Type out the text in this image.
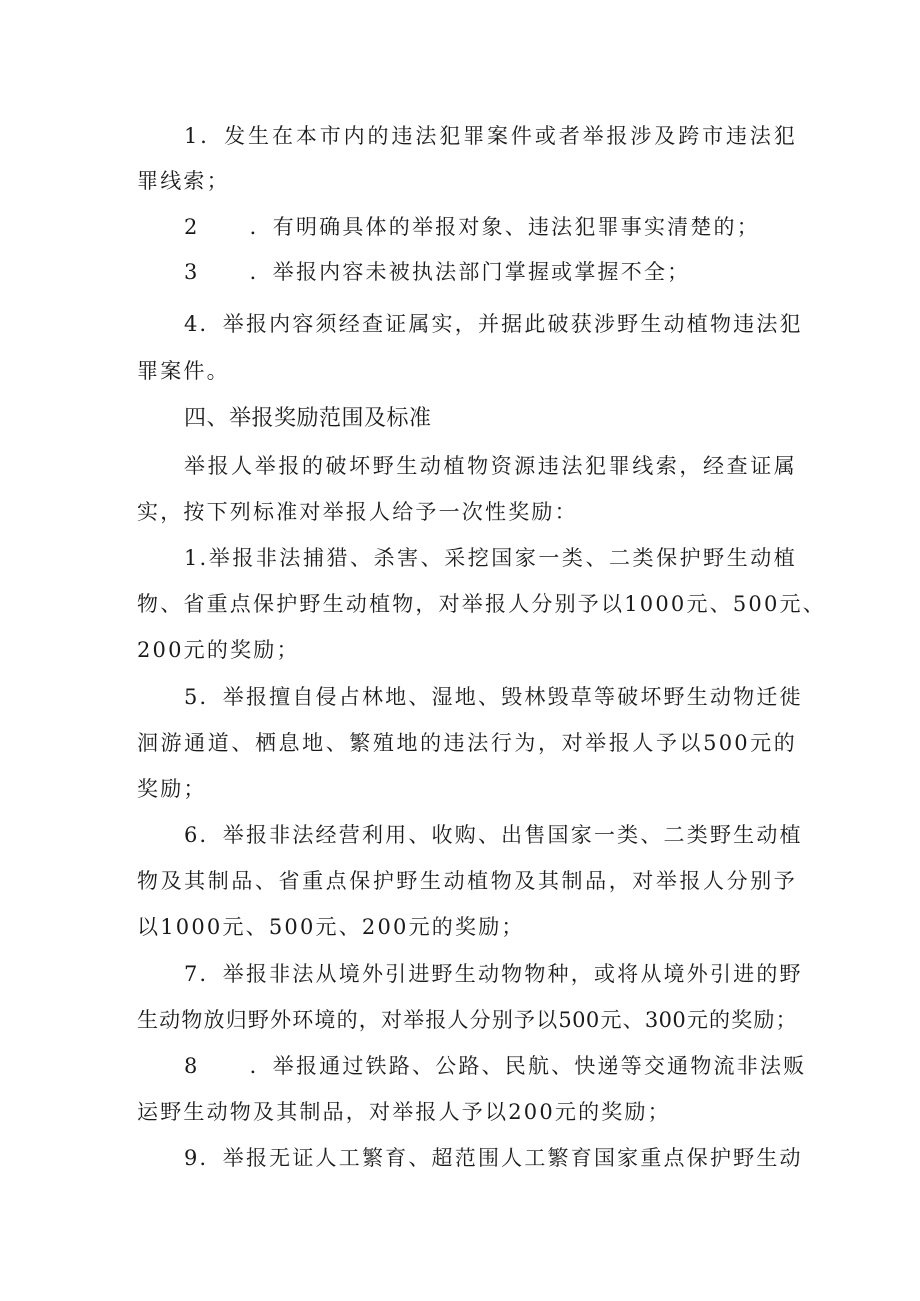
1．发生在本市内的违法犯罪案件或者举报涉及跨市违法犯
罪线索；
2 ．有明确具体的举报对象、违法犯罪事实清楚的；
3 ．举报内容未被执法部门掌握或掌握不全；
4．举报内容须经查证属实，并据此破获涉野生动植物违法犯
罪案件。
四、举报奖励范围及标准
举报人举报的破坏野生动植物资源违法犯罪线索，经查证属
实，按下列标准对举报人给予一次性奖励：
1.举报非法捕猎、杀害、采挖国家一类、二类保护野生动植
物、省重点保护野生动植物，对举报人分别予以1000元、500元、
200元的奖励；
5．举报擅自侵占林地、湿地、毁林毁草等破坏野生动物迁徙
洄游通道、栖息地、繁殖地的违法行为，对举报人予以500元的
奖励；
6．举报非法经营利用、收购、出售国家一类、二类野生动植
物及其制品、省重点保护野生动植物及其制品，对举报人分别予
以1000元、500元、200元的奖励；
7．举报非法从境外引进野生动物物种，或将从境外引进的野
生动物放归野外环境的，对举报人分别予以500元、300元的奖励；
8 ．举报通过铁路、公路、民航、快递等交通物流非法贩
运野生动物及其制品，对举报人予以200元的奖励；
9．举报无证人工繁育、超范围人工繁育国家重点保护野生动
